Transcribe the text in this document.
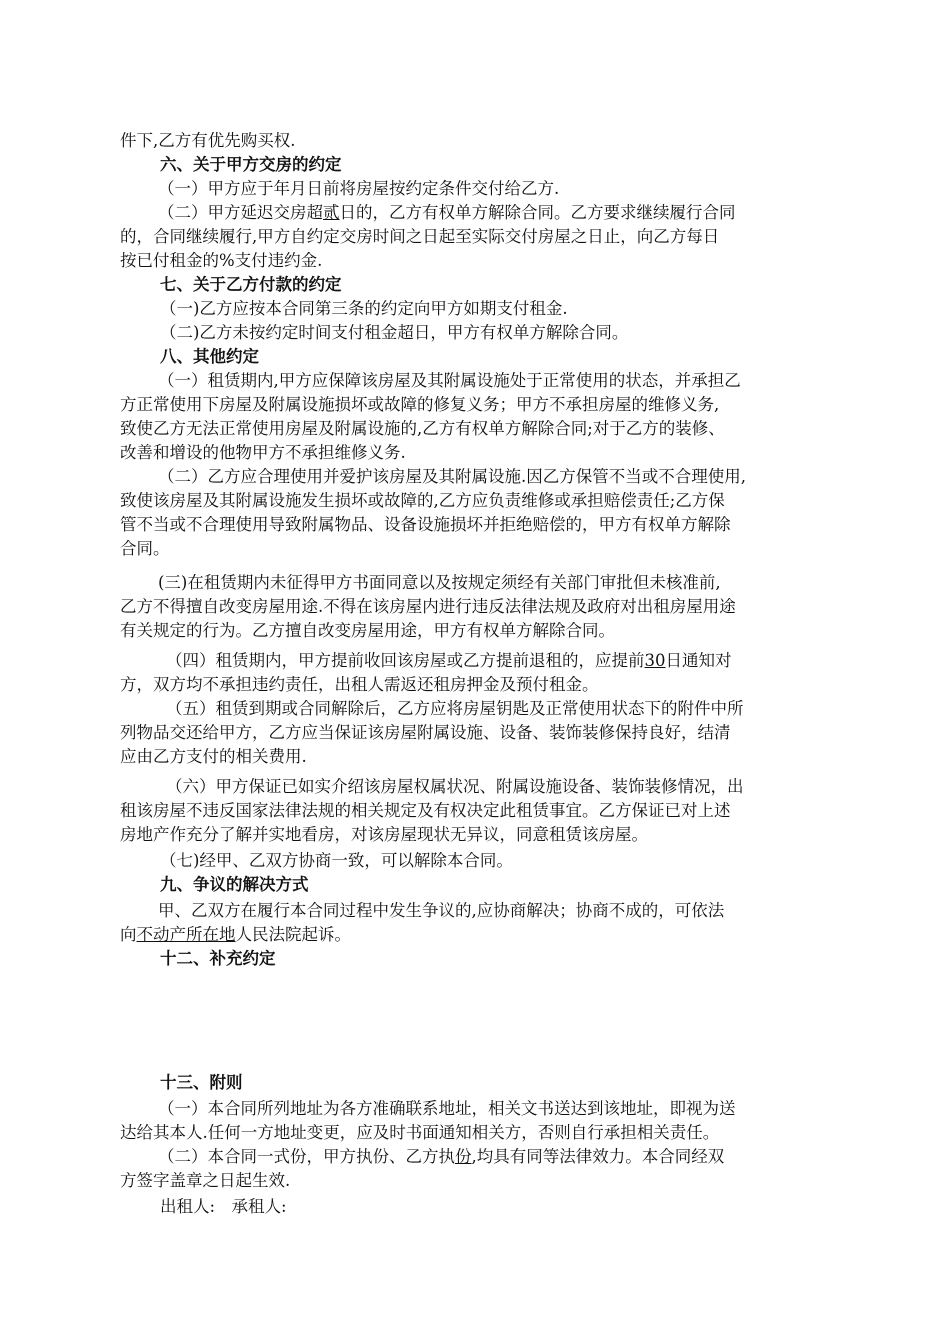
件下,乙方有优先购买权.
六、关于甲方交房的约定
（一）甲方应于年月日前将房屋按约定条件交付给乙方.
（二）甲方延迟交房超贰日的，乙方有权单方解除合同。乙方要求继续履行合同
的，合同继续履行,甲方自约定交房时间之日起至实际交付房屋之日止，向乙方每日
按已付租金的%支付违约金.
七、关于乙方付款的约定
（一)乙方应按本合同第三条的约定向甲方如期支付租金.
（二)乙方未按约定时间支付租金超日，甲方有权单方解除合同。
八、其他约定
（一）租赁期内,甲方应保障该房屋及其附属设施处于正常使用的状态，并承担乙
方正常使用下房屋及附属设施损坏或故障的修复义务；甲方不承担房屋的维修义务,
致使乙方无法正常使用房屋及附属设施的,乙方有权单方解除合同;对于乙方的装修、
改善和增设的他物甲方不承担维修义务.
（二）乙方应合理使用并爱护该房屋及其附属设施.因乙方保管不当或不合理使用,
致使该房屋及其附属设施发生损坏或故障的,乙方应负责维修或承担赔偿责任;乙方保
管不当或不合理使用导致附属物品、设备设施损坏并拒绝赔偿的，甲方有权单方解除
合同。
(三)在租赁期内未征得甲方书面同意以及按规定须经有关部门审批但未核准前,
乙方不得擅自改变房屋用途.不得在该房屋内进行违反法律法规及政府对出租房屋用途
有关规定的行为。乙方擅自改变房屋用途，甲方有权单方解除合同。
（四）租赁期内，甲方提前收回该房屋或乙方提前退租的，应提前30日通知对
方，双方均不承担违约责任，出租人需返还租房押金及预付租金。
（五）租赁到期或合同解除后，乙方应将房屋钥匙及正常使用状态下的附件中所
列物品交还给甲方，乙方应当保证该房屋附属设施、设备、装饰装修保持良好，结清
应由乙方支付的相关费用.
（六）甲方保证已如实介绍该房屋权属状况、附属设施设备、装饰装修情况，出
租该房屋不违反国家法律法规的相关规定及有权决定此租赁事宜。乙方保证已对上述
房地产作充分了解并实地看房，对该房屋现状无异议，同意租赁该房屋。
（七)经甲、乙双方协商一致，可以解除本合同。
九、争议的解决方式
甲、乙双方在履行本合同过程中发生争议的,应协商解决；协商不成的，可依法
向不动产所在地人民法院起诉。
十二、补充约定
十三、附则
（一）本合同所列地址为各方准确联系地址，相关文书送达到该地址，即视为送
达给其本人.任何一方地址变更，应及时书面通知相关方，否则自行承担相关责任。
（二）本合同一式份，甲方执份、乙方执份,均具有同等法律效力。本合同经双
方签字盖章之日起生效.
出租人:　承租人:
